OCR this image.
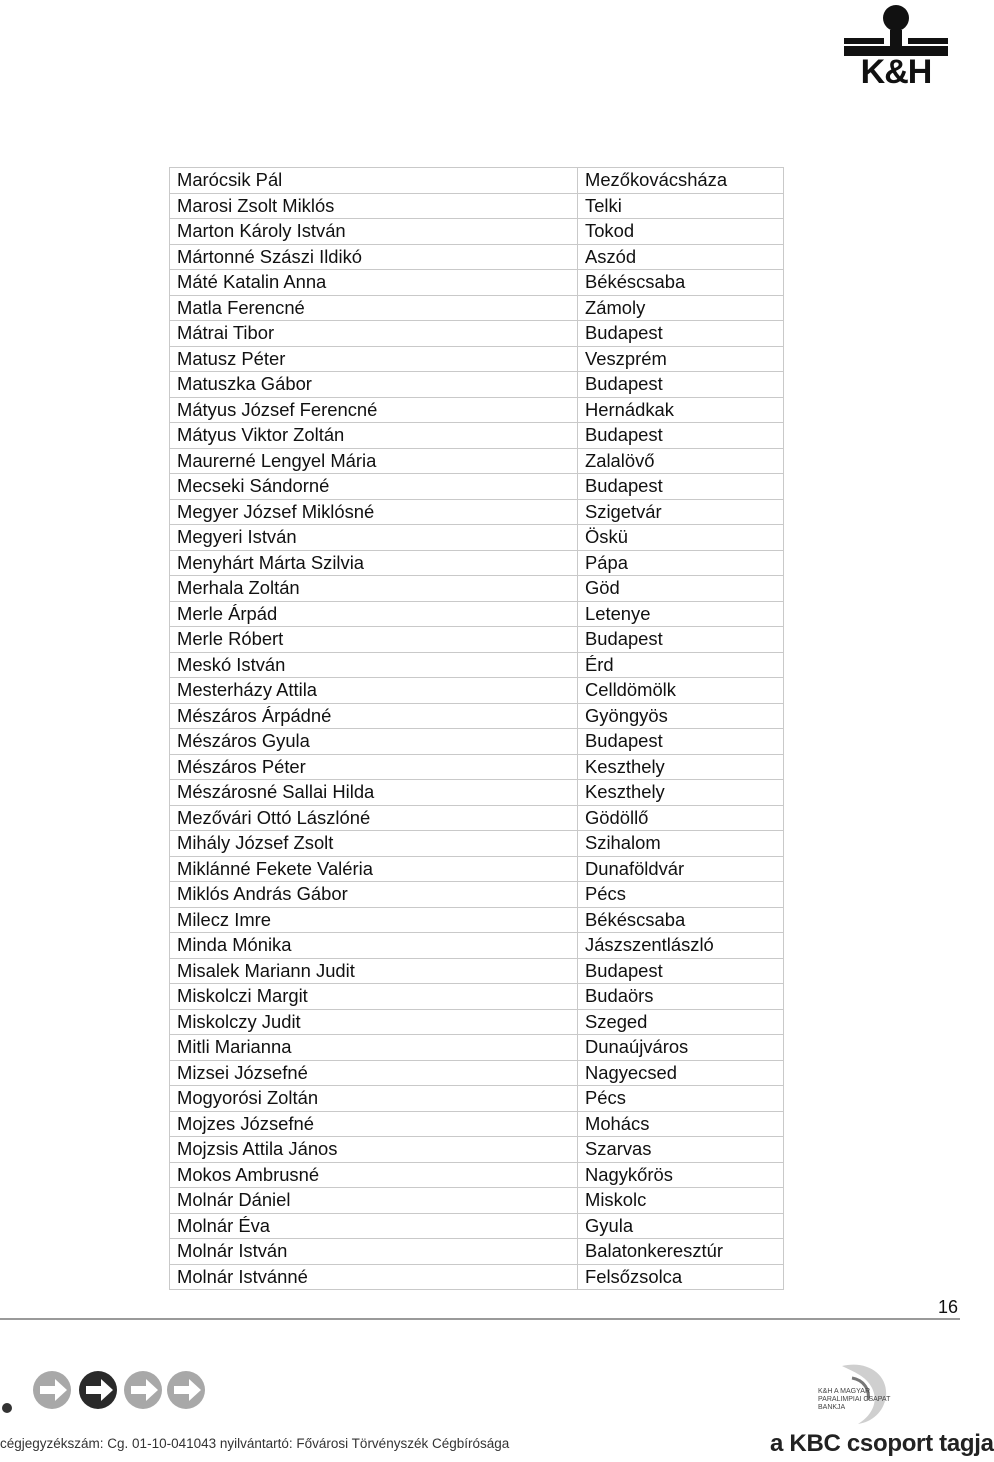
K&H
Marócsik Pál	Mezőkovácsháza
Marosi Zsolt Miklós	Telki
Marton Károly István	Tokod
Mártonné Szászi Ildikó	Aszód
Máté Katalin Anna	Békéscsaba
Matla Ferencné	Zámoly
Mátrai Tibor	Budapest
Matusz Péter	Veszprém
Matuszka Gábor	Budapest
Mátyus József Ferencné	Hernádkak
Mátyus Viktor Zoltán	Budapest
Maurerné Lengyel Mária	Zalalövő
Mecseki Sándorné	Budapest
Megyer József Miklósné	Szigetvár
Megyeri István	Öskü
Menyhárt Márta Szilvia	Pápa
Merhala Zoltán	Göd
Merle Árpád	Letenye
Merle Róbert	Budapest
Meskó István	Érd
Mesterházy Attila	Celldömölk
Mészáros Árpádné	Gyöngyös
Mészáros Gyula	Budapest
Mészáros Péter	Keszthely
Mészárosné Sallai Hilda	Keszthely
Mezővári Ottó Lászlóné	Gödöllő
Mihály József Zsolt	Szihalom
Miklánné Fekete Valéria	Dunaföldvár
Miklós András Gábor	Pécs
Milecz Imre	Békéscsaba
Minda Mónika	Jászszentlászló
Misalek Mariann Judit	Budapest
Miskolczi Margit	Budaörs
Miskolczy Judit	Szeged
Mitli Marianna	Dunaújváros
Mizsei Józsefné	Nagyecsed
Mogyorósi Zoltán	Pécs
Mojzes Józsefné	Mohács
Mojzsis Attila János	Szarvas
Mokos Ambrusné	Nagykőrös
Molnár Dániel	Miskolc
Molnár Éva	Gyula
Molnár István	Balatonkeresztúr
Molnár Istvánné	Felsőzsolca
16
cégjegyzékszám: Cg. 01-10-041043 nyilvántartó: Fővárosi Törvényszék Cégbírósága
K&H A MAGYAR PARALIMPIAI CSAPAT BANKJA
a KBC csoport tagja
